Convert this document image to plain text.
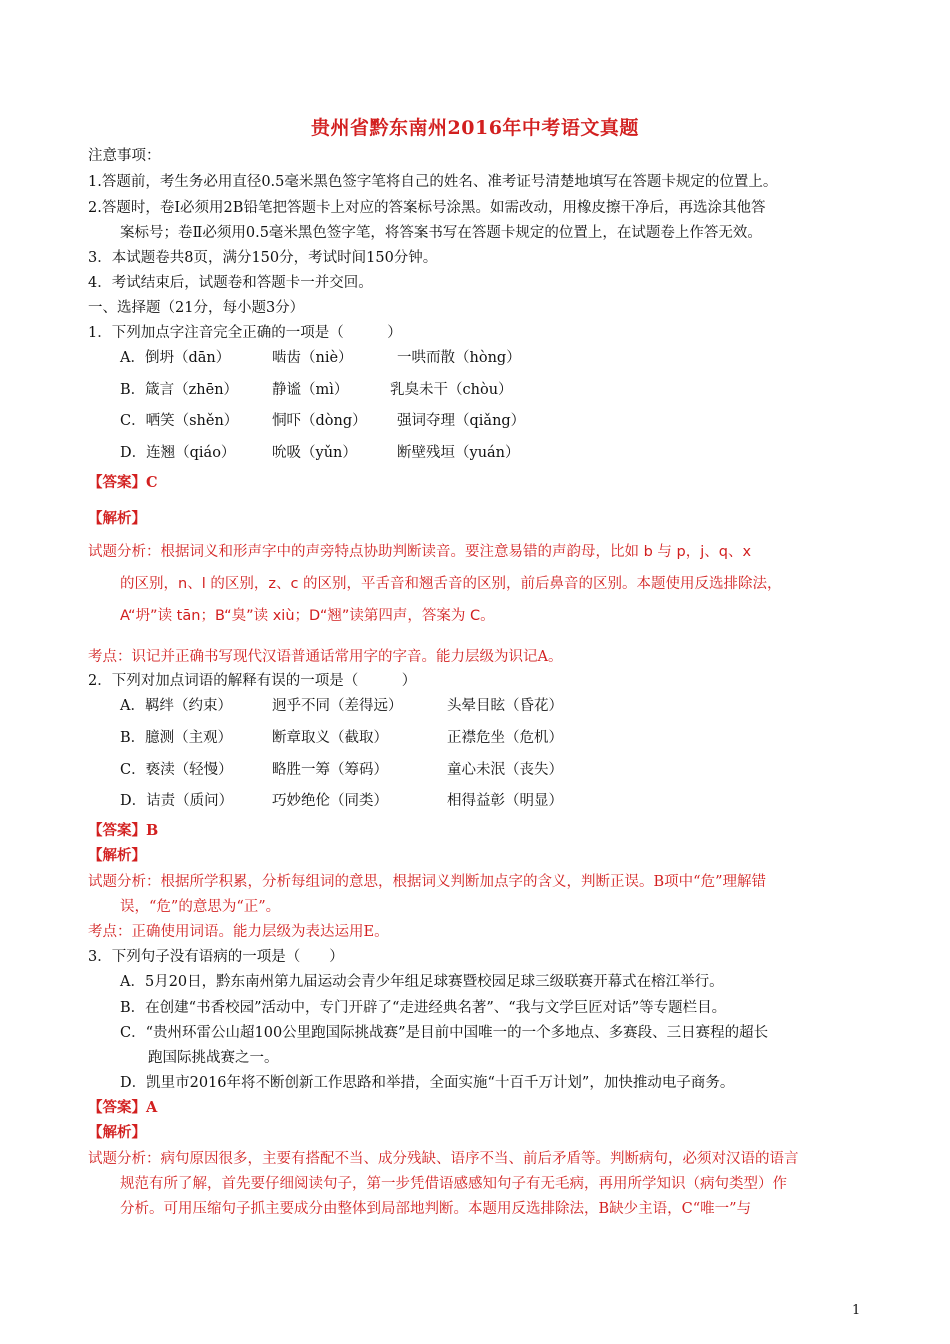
贵州省黔东南州2016年中考语文真题
注意事项：
1.答题前，考生务必用直径0.5毫米黑色签字笔将自己的姓名、准考证号清楚地填写在答题卡规定的位置上。
2.答题时，卷Ⅰ必须用2B铅笔把答题卡上对应的答案标号涂黑。如需改动，用橡皮擦干净后，再选涂其他答
案标号；卷Ⅱ必须用0.5毫米黑色签字笔，将答案书写在答题卡规定的位置上，在试题卷上作答无效。
3．本试题卷共8页，满分150分，考试时间150分钟。
4．考试结束后，试题卷和答题卡一并交回。
一、选择题（21分，每小题3分）
1．下列加点字注音完全正确的一项是（　　　）
A．倒坍（dān）	啮齿（niè）	一哄而散（hòng）
B．箴言（zhēn） 静谧（mì）	乳臭未干（chòu）
C．哂笑（shěn） 恫吓（dòng） 强词夺理（qiǎng）
D．连翘（qiáo）	吮吸（yǔn）	断壁残垣（yuán）
【答案】C
【解析】
试题分析：根据词义和形声字中的声旁特点协助判断读音。要注意易错的声韵母，比如 b 与 p，j、q、x
的区别，n、l 的区别，z、c 的区别，平舌音和翘舌音的区别，前后鼻音的区别。本题使用反选排除法，
A“坍”读 tān；B“臭”读 xiù；D“翘”读第四声，答案为 C。
考点：识记并正确书写现代汉语普通话常用字的字音。能力层级为识记A。
2．下列对加点词语的解释有误的一项是（　　　）
A．羁绊（约束）	迥乎不同（差得远）	头晕目眩（昏花）
B．臆测（主观）	断章取义（截取）	正襟危坐（危机）
C．亵渎（轻慢）	略胜一筹（筹码）	童心未泯（丧失）
D．诘责（质问）	巧妙绝伦（同类）	相得益彰（明显）
【答案】B
【解析】
试题分析：根据所学积累，分析每组词的意思，根据词义判断加点字的含义，判断正误。B项中“危”理解错
误，“危”的意思为“正”。
考点：正确使用词语。能力层级为表达运用E。
3．下列句子没有语病的一项是（　　）
A．5月20日，黔东南州第九届运动会青少年组足球赛暨校园足球三级联赛开幕式在榕江举行。
B．在创建“书香校园”活动中，专门开辟了“走进经典名著”、“我与文学巨匠对话”等专题栏目。
C．“贵州环雷公山超100公里跑国际挑战赛”是目前中国唯一的一个多地点、多赛段、三日赛程的超长
跑国际挑战赛之一。
D．凯里市2016年将不断创新工作思路和举措，全面实施“十百千万计划”，加快推动电子商务。
【答案】A
【解析】
试题分析：病句原因很多，主要有搭配不当、成分残缺、语序不当、前后矛盾等。判断病句，必须对汉语的语言
规范有所了解，首先要仔细阅读句子，第一步凭借语感感知句子有无毛病，再用所学知识（病句类型）作
分析。可用压缩句子抓主要成分由整体到局部地判断。本题用反选排除法，B缺少主语，C“唯一”与
1
